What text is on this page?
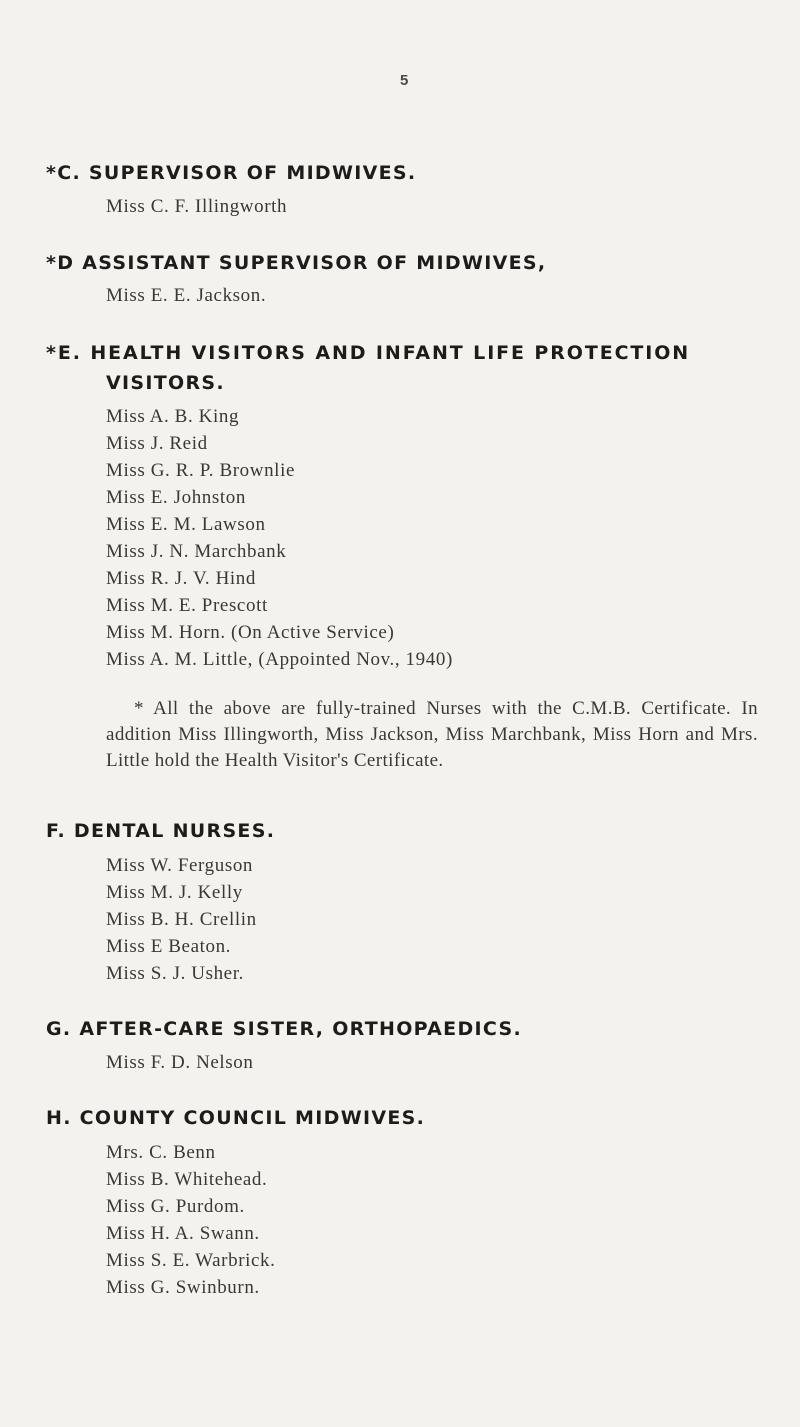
5
*C. SUPERVISOR OF MIDWIVES.
Miss C. F. Illingworth
*D ASSISTANT SUPERVISOR OF MIDWIVES,
Miss E. E. Jackson.
*E. HEALTH VISITORS AND INFANT LIFE PROTECTION
VISITORS.
Miss A. B. King
Miss J. Reid
Miss G. R. P. Brownlie
Miss E. Johnston
Miss E. M. Lawson
Miss J. N. Marchbank
Miss R. J. V. Hind
Miss M. E. Prescott
Miss M. Horn. (On Active Service)
Miss A. M. Little, (Appointed Nov., 1940)
* All the above are fully-trained Nurses with the C.M.B. Certificate. In addition Miss Illingworth, Miss Jackson, Miss Marchbank, Miss Horn and Mrs. Little hold the Health Visitor's Certificate.
F. DENTAL NURSES.
Miss W. Ferguson
Miss M. J. Kelly
Miss B. H. Crellin
Miss E Beaton.
Miss S. J. Usher.
G. AFTER-CARE SISTER, ORTHOPAEDICS.
Miss F. D. Nelson
H. COUNTY COUNCIL MIDWIVES.
Mrs. C. Benn
Miss B. Whitehead.
Miss G. Purdom.
Miss H. A. Swann.
Miss S. E. Warbrick.
Miss G. Swinburn.
